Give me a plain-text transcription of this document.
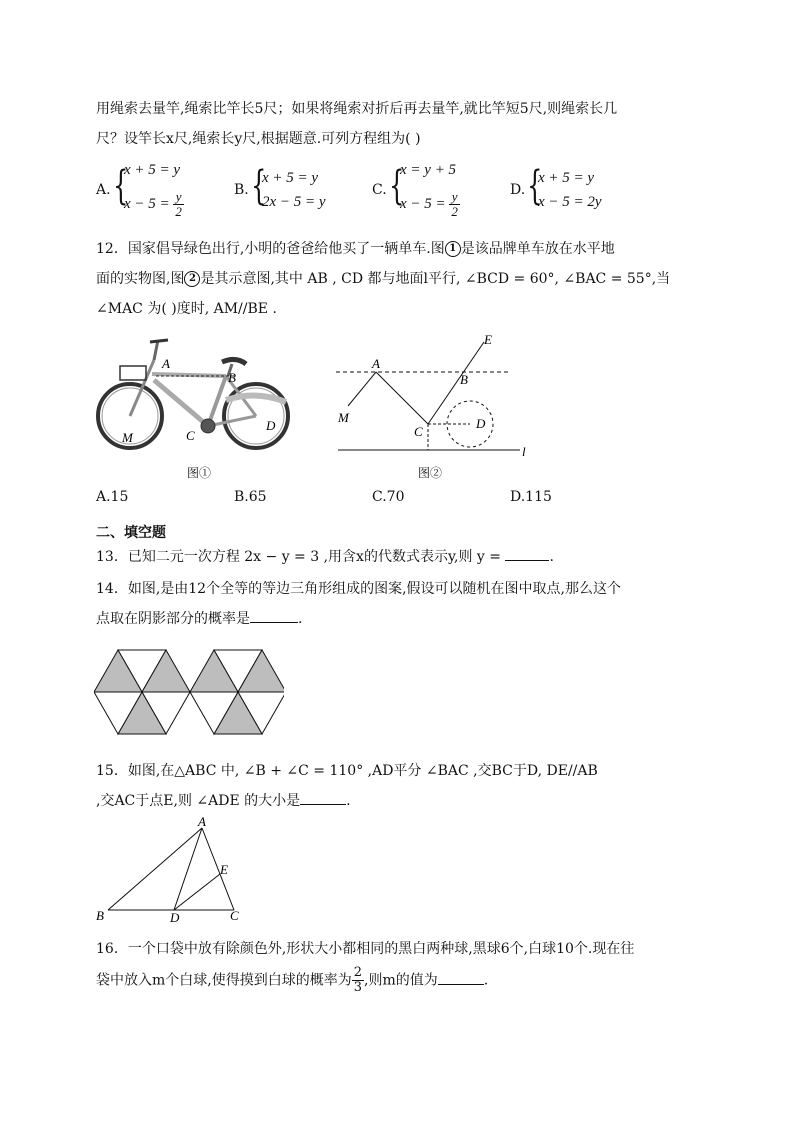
用绳索去量竿,绳索比竿长5尺；如果将绳索对折后再去量竿,就比竿短5尺,则绳索长几
尺？设竿长x尺,绳索长y尺,根据题意.可列方程组为( )
A. {
x + 5 = y
$x - 5 = \frac{y}{2}$	B. {
x + 5 = y
2x − 5 = y
C. {
x = y + 5
$x - 5 = \frac{y}{2}$	D. {
x + 5 = y
x − 5 = 2y
12．国家倡导绿色出行,小明的爸爸给他买了一辆单车.图 1 是该品牌单车放在水平地
面的实物图,图 2 是其示意图,其中 AB , CD 都与地面l平行, ∠BCD = 60°, ∠BAC = 55°,当
∠MAC 为( )度时, AM//BE .
A
B
M	C
D
图①
A
B
E
M
C
D
l
图②
A.15	B.65	C.70	D.115
二、填空题
13．已知二元一次方程 2x − y = 3 ,用含x的代数式表示y,则 y =	.
14．如图,是由12个全等的等边三角形组成的图案,假设可以随机在图中取点,那么这个
点取在阴影部分的概率是	.
15．如图,在△ABC 中, ∠B + ∠C = 110° ,AD平分 ∠BAC ,交BC于D, DE//AB
,交AC于点E,则 ∠ADE 的大小是	.
A
E
B	D	C
16．一个口袋中放有除颜色外,形状大小都相同的黑白两种球,黑球6个,白球10个.现在往
袋中放入m个白球,使得摸到白球的概率为 $\frac{2}{3}$ ,则m的值为	.
